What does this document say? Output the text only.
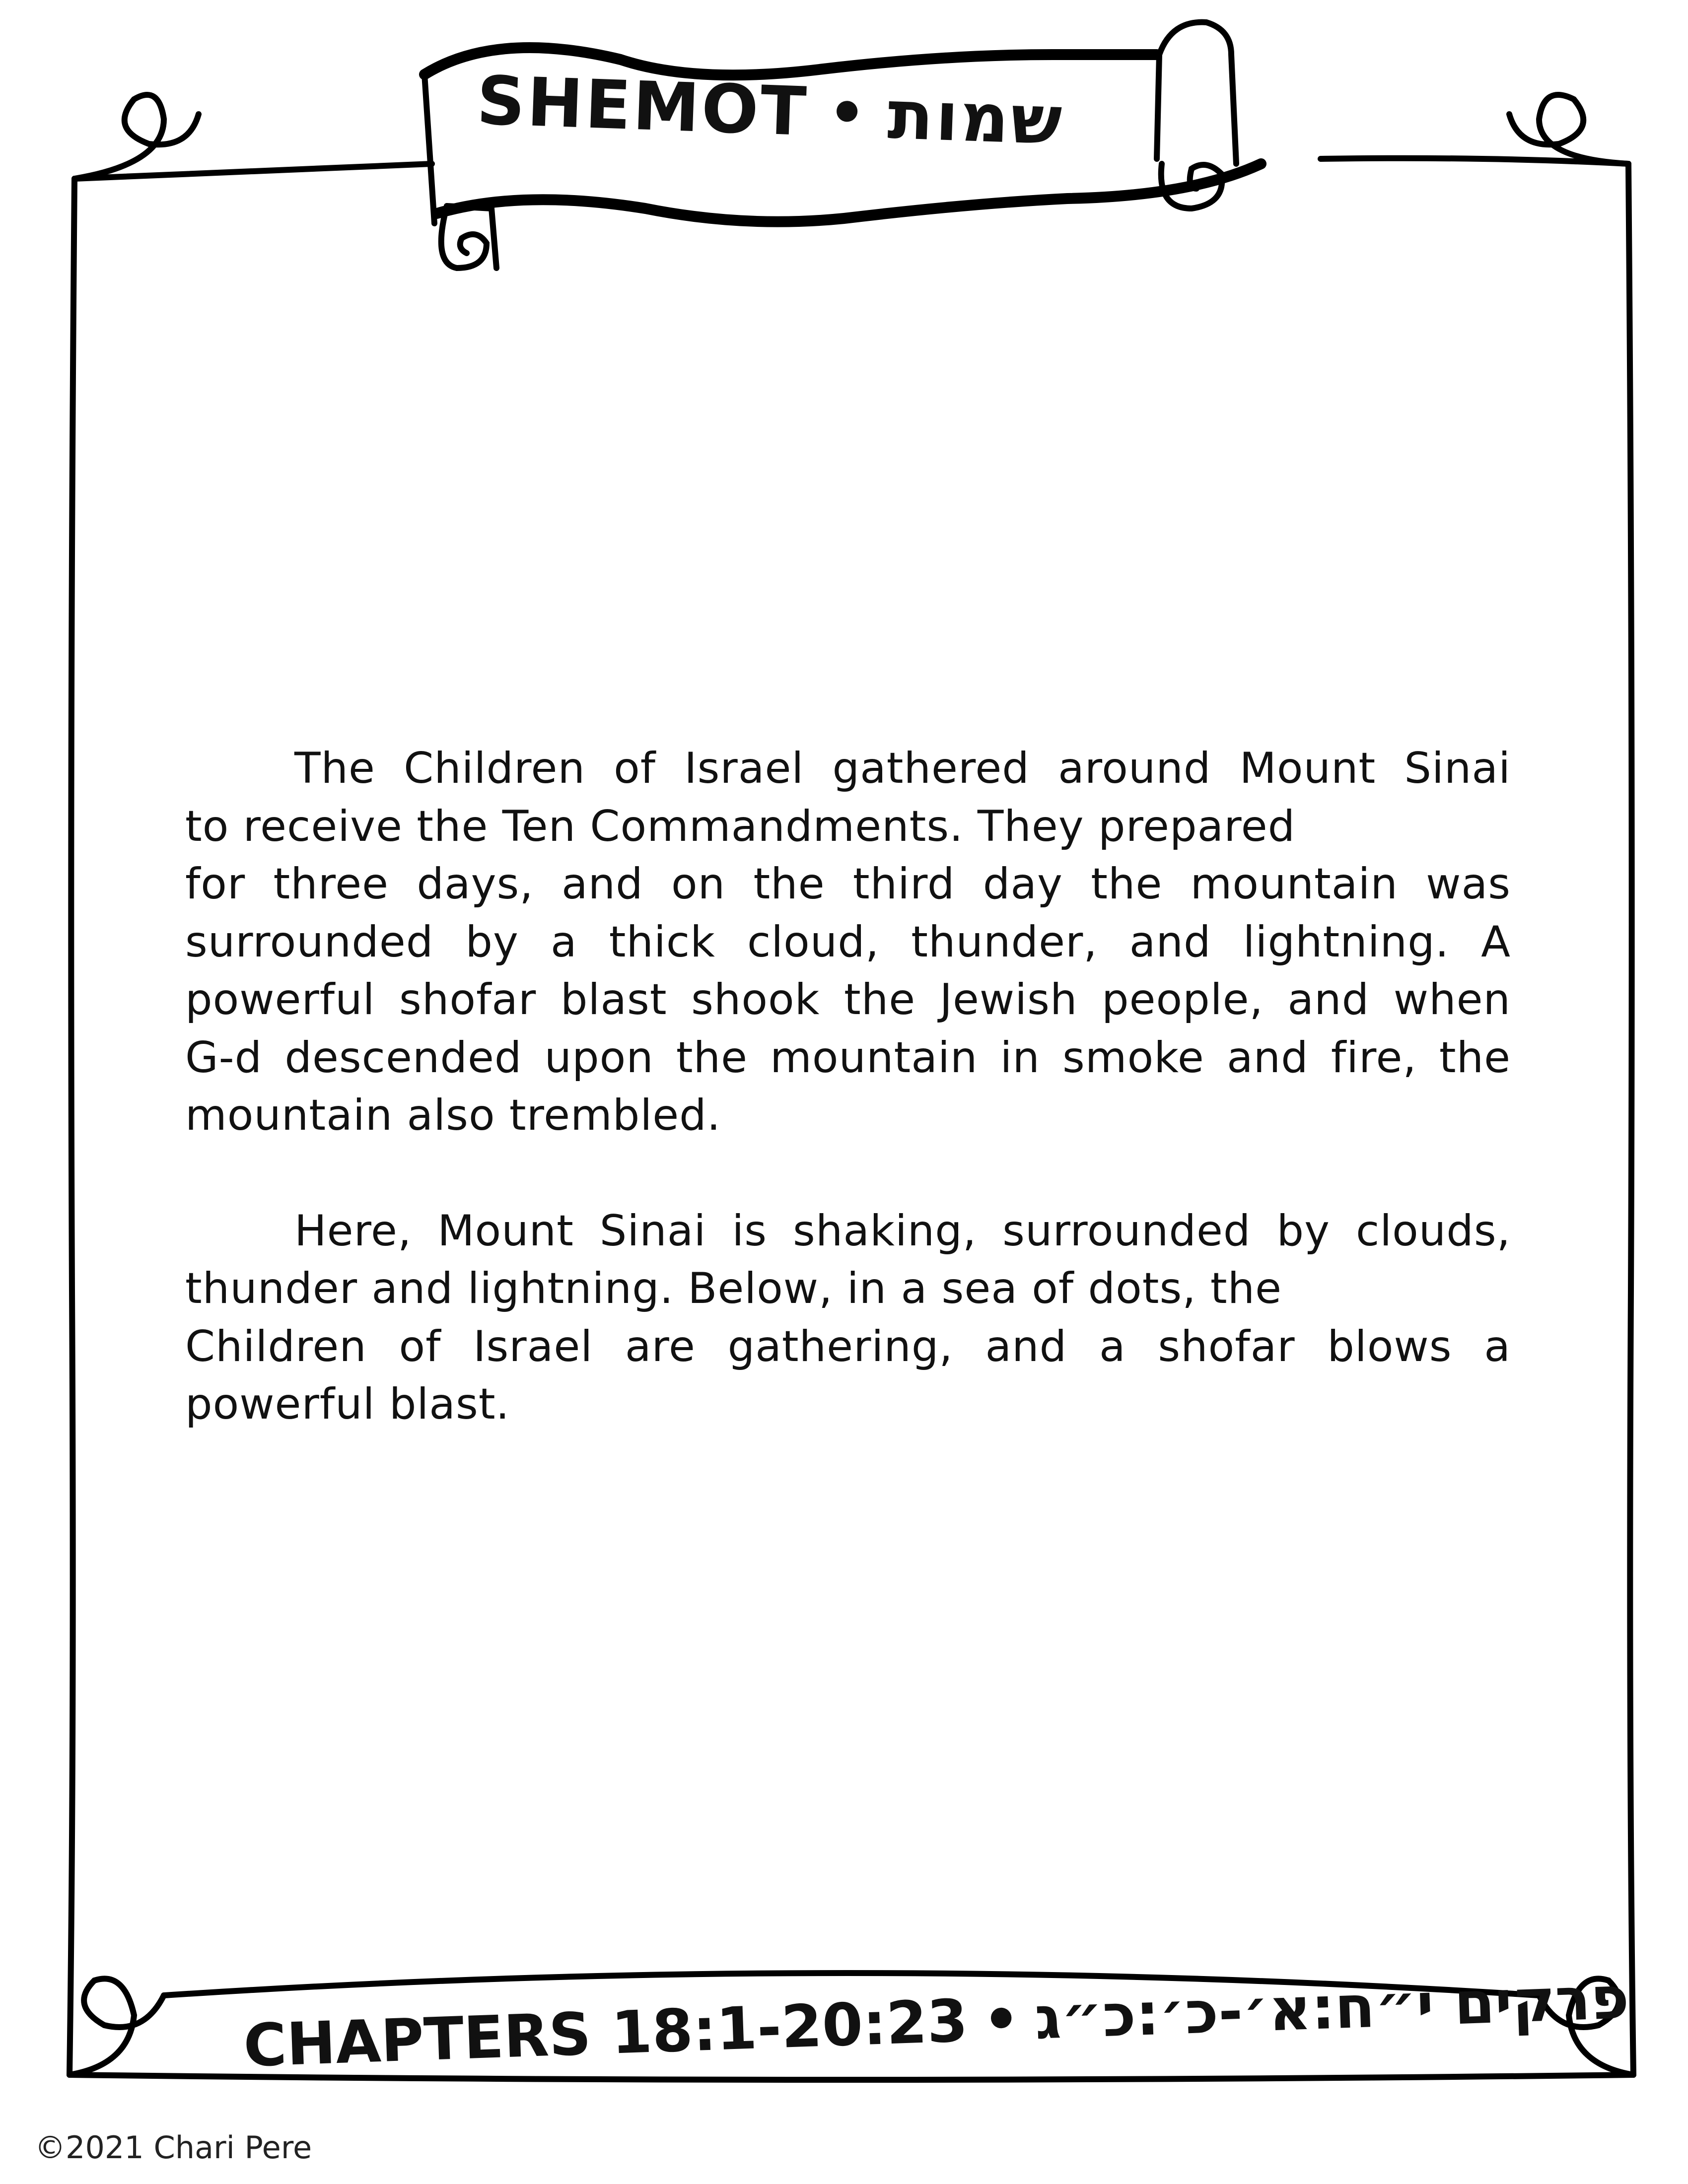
SHEMOT • שמות
The Children of Israel gathered around Mount Sinai
to receive the Ten Commandments. They prepared
for three days, and on the third day the mountain was
surrounded by a thick cloud, thunder, and lightning. A
powerful shofar blast shook the Jewish people, and when
G-d descended upon the mountain in smoke and fire, the
mountain also trembled.
Here, Mount Sinai is shaking, surrounded by clouds,
thunder and lightning. Below, in a sea of dots, the
Children of Israel are gathering, and a shofar blows a
powerful blast.
CHAPTERS 18:1-20:23 • פרקים י״ח:א׳-כ׳:כ״ג
©2021 Chari Pere
